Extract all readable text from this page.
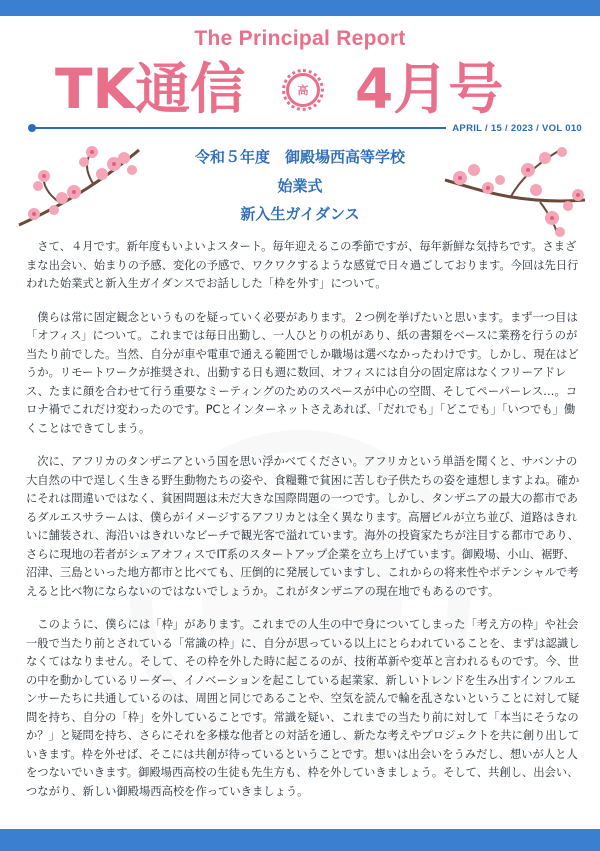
The Principal Report
TK通信	高 4月号
APRIL / 15 / 2023 / VOL 010
令和５年度　御殿場西高等学校
始業式
新入生ガイダンス

さて、４月です。新年度もいよいよスタート。毎年迎えるこの季節ですが、毎年新鮮な気持ちです。さまざまな出会い、始まりの予感、変化の予感で、ワクワクするような感覚で日々過ごしております。今回は先日行われた始業式と新入生ガイダンスでお話しした「枠を外す」について。

僕らは常に固定観念というものを疑っていく必要があります。２つ例を挙げたいと思います。まず一つ目は「オフィス」について。これまでは毎日出勤し、一人ひとりの机があり、紙の書類をベースに業務を行うのが当たり前でした。当然、自分が車や電車で通える範囲でしか職場は選べなかったわけです。しかし、現在はどうか。リモートワークが推奨され、出勤する日も週に数回、オフィスには自分の固定席はなくフリーアドレス、たまに顔を合わせて行う重要なミーティングのためのスペースが中心の空間、そしてペーパーレス…。コロナ禍でこれだけ変わったのです。PCとインターネットさえあれば、「だれでも」「どこでも」「いつでも」働くことはできてしまう。

次に、アフリカのタンザニアという国を思い浮かべてください。アフリカという単語を聞くと、サバンナの大自然の中で逞しく生きる野生動物たちの姿や、食糧難で貧困に苦しむ子供たちの姿を連想しますよね。確かにそれは間違いではなく、貧困問題は未だ大きな国際問題の一つです。しかし、タンザニアの最大の都市であるダルエスサラームは、僕らがイメージするアフリカとは全く異なります。高層ビルが立ち並び、道路はきれいに舗装され、海沿いはきれいなビーチで観光客で溢れています。海外の投資家たちが注目する都市であり、さらに現地の若者がシェアオフィスでIT系のスタートアップ企業を立ち上げています。御殿場、小山、裾野、沼津、三島といった地方都市と比べても、圧倒的に発展していますし、これからの将来性やポテンシャルで考えると比べ物にならないのではないでしょうか。これがタンザニアの現在地でもあるのです。

このように、僕らには「枠」があります。これまでの人生の中で身についてしまった「考え方の枠」や社会一般で当たり前とされている「常識の枠」に、自分が思っている以上にとらわれていることを、まずは認識しなくてはなりません。そして、その枠を外した時に起こるのが、技術革新や変革と言われるものです。今、世の中を動かしているリーダー、イノベーションを起こしている起業家、新しいトレンドを生み出すインフルエンサーたちに共通しているのは、周囲と同じであることや、空気を読んで輪を乱さないということに対して疑問を持ち、自分の「枠」を外していることです。常識を疑い、これまでの当たり前に対して「本当にそうなのか？」と疑問を持ち、さらにそれを多様な他者との対話を通し、新たな考えやプロジェクトを共に創り出していきます。枠を外せば、そこには共創が待っているということです。想いは出会いをうみだし、想いが人と人をつないでいきます。御殿場西高校の生徒も先生方も、枠を外していきましょう。そして、共創し、出会い、つながり、新しい御殿場西高校を作っていきましょう。
